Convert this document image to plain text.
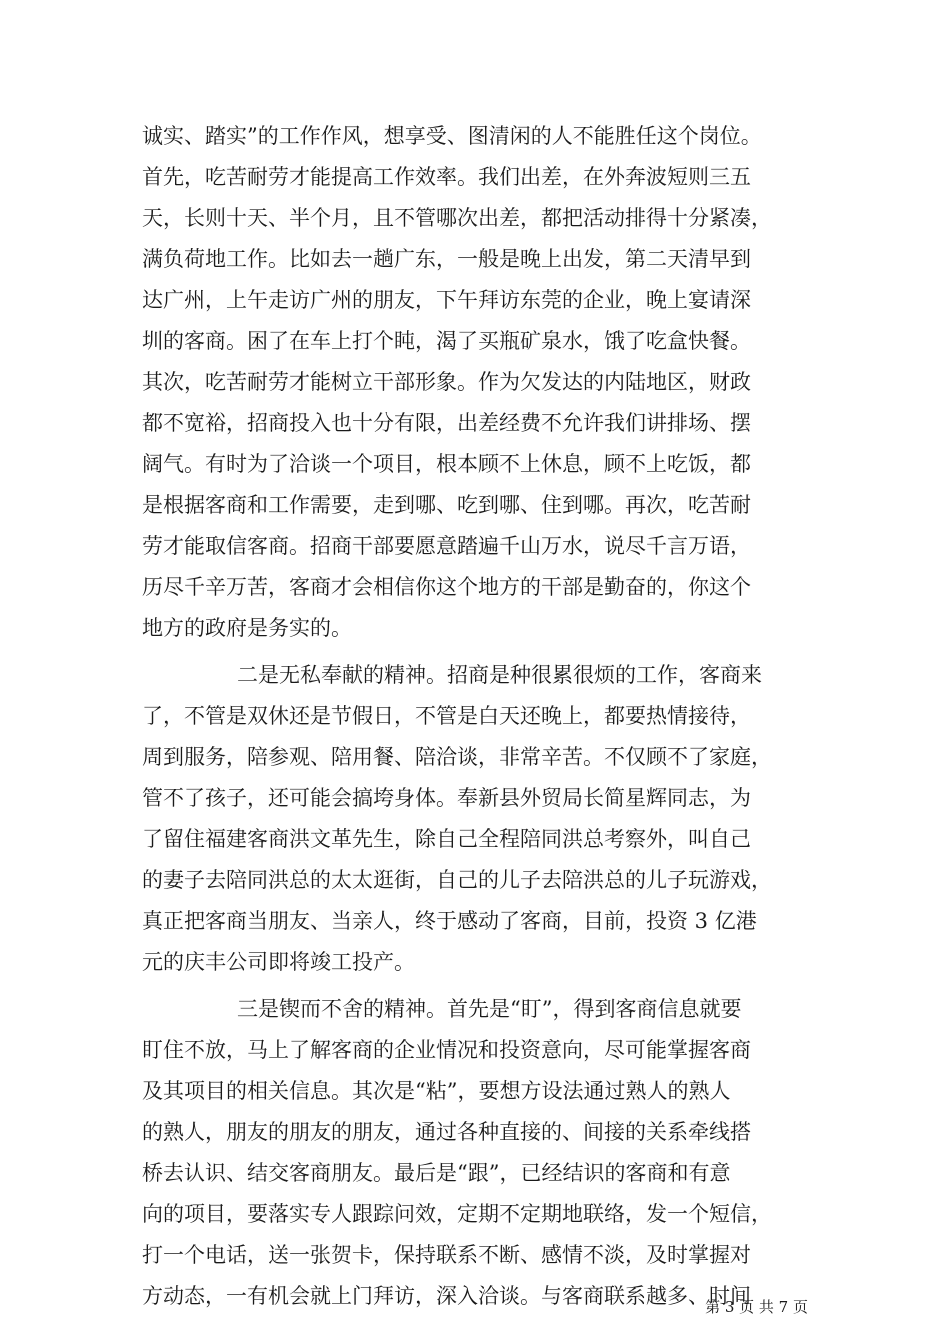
诚实、踏实”的工作作风，想享受、图清闲的人不能胜任这个岗位。
首先，吃苦耐劳才能提高工作效率。我们出差，在外奔波短则三五
天，长则十天、半个月，且不管哪次出差，都把活动排得十分紧凑，
满负荷地工作。比如去一趟广东，一般是晚上出发，第二天清早到
达广州，上午走访广州的朋友，下午拜访东莞的企业，晚上宴请深
圳的客商。困了在车上打个盹，渴了买瓶矿泉水，饿了吃盒快餐。
其次，吃苦耐劳才能树立干部形象。作为欠发达的内陆地区，财政
都不宽裕，招商投入也十分有限，出差经费不允许我们讲排场、摆
阔气。有时为了洽谈一个项目，根本顾不上休息，顾不上吃饭，都
是根据客商和工作需要，走到哪、吃到哪、住到哪。再次，吃苦耐
劳才能取信客商。招商干部要愿意踏遍千山万水，说尽千言万语，
历尽千辛万苦，客商才会相信你这个地方的干部是勤奋的，你这个
地方的政府是务实的。
二是无私奉献的精神。招商是种很累很烦的工作，客商来
了，不管是双休还是节假日，不管是白天还晚上，都要热情接待，
周到服务，陪参观、陪用餐、陪洽谈，非常辛苦。不仅顾不了家庭，
管不了孩子，还可能会搞垮身体。奉新县外贸局长简星辉同志，为
了留住福建客商洪文革先生，除自己全程陪同洪总考察外，叫自己
的妻子去陪同洪总的太太逛街，自己的儿子去陪洪总的儿子玩游戏，
真正把客商当朋友、当亲人，终于感动了客商，目前，投资 3 亿港
元的庆丰公司即将竣工投产。
三是锲而不舍的精神。首先是“盯”，得到客商信息就要
盯住不放，马上了解客商的企业情况和投资意向，尽可能掌握客商
及其项目的相关信息。其次是“粘”，要想方设法通过熟人的熟人
的熟人，朋友的朋友的朋友，通过各种直接的、间接的关系牵线搭
桥去认识、结交客商朋友。最后是“跟”，已经结识的客商和有意
向的项目，要落实专人跟踪问效，定期不定期地联络，发一个短信，
打一个电话，送一张贺卡，保持联系不断、感情不淡，及时掌握对
方动态，一有机会就上门拜访，深入洽谈。与客商联系越多、时间
第 3 页 共 7 页
